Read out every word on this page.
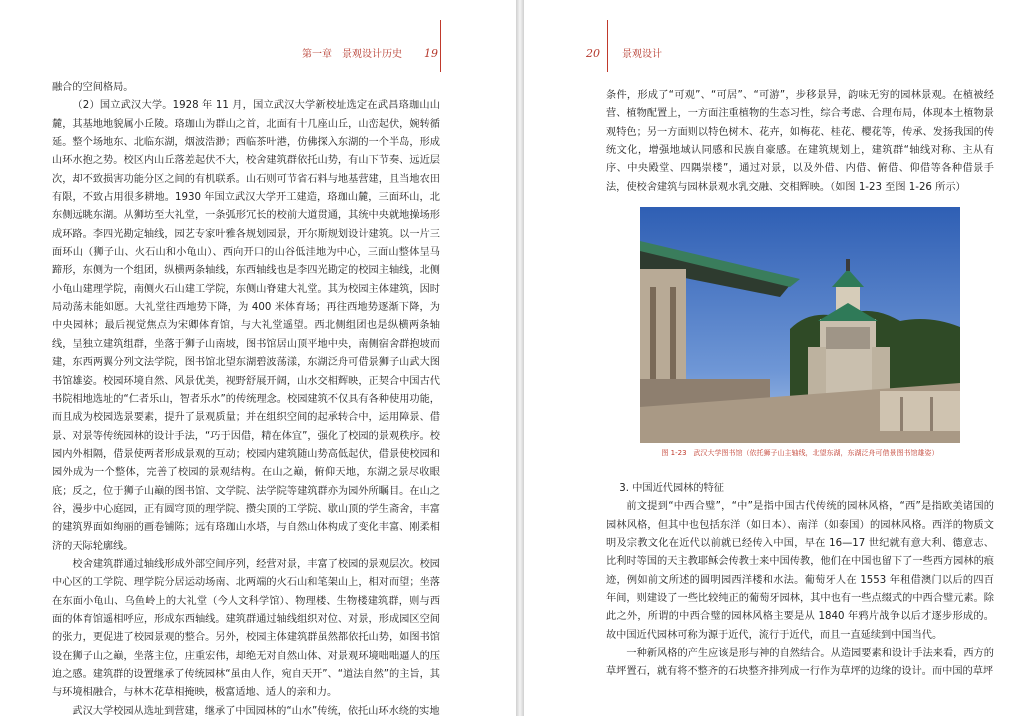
第一章　景观设计历史 19

融合的空间格局。

（2）国立武汉大学。1928 年 11 月，国立武汉大学新校址选定在武昌珞珈山山麓，其基地地貌属小丘陵。珞珈山为群山之首，北面有十几座山丘，山峦起伏，婉转循延。整个场地东、北临东湖，烟波浩渺；西临茶叶港，仿佛探入东湖的一个半岛，形成山环水抱之势。校区内山丘落差起伏不大，校舍建筑群依托山势，有山下节奏、远近层次，却不致损害功能分区之间的有机联系。山石则可节省石料与地基营建，且当地农田有限，不致占用很多耕地。1930 年国立武汉大学开工建造，珞珈山麓，三面环山，北东侧远眺东湖。从狮坊至大礼堂，一条弧形冗长的校前大道贯通，其统中央就地操场形成环路。李四光勘定轴线，园艺专家叶雅各规划园景，开尔斯规划设计建筑。以一片三面环山（狮子山、火石山和小龟山）、西向开口的山谷低洼地为中心，三面山整体呈马蹄形，东侧为一个组团，纵横两条轴线，东西轴线也是李四光勘定的校园主轴线，北侧小龟山建理学院，南侧火石山建工学院，东侧山脊建大礼堂。其为校园主体建筑，因时局动荡未能如愿。大礼堂往西地势下降，为 400 米体育场；再往西地势逐渐下降，为中央园林；最后视觉焦点为宋卿体育馆，与大礼堂遥望。西北侧组团也是纵横两条轴线，呈独立建筑组群，坐落于狮子山南坡，图书馆居山顶平地中央，南侧宿舍群抱坡而建，东西两翼分列文法学院，图书馆北望东湖碧波荡漾，东湖泛舟可借景狮子山武大图书馆雄姿。校园环境自然、风景优美，视野舒展开阔，山水交相辉映，正契合中国古代书院相地选址的“仁者乐山，智者乐水”的传统理念。校园建筑不仅具有各种使用功能，而且成为校园选景要素，提升了景观质量；并在组织空间的起承转合中，运用障景、借景、对景等传统园林的设计手法，“巧于因借，精在体宜”，强化了校园的景观秩序。校园内外相隔，借景使两者形成景观的互动；校园内建筑随山势高低起伏，借景使校园和园外成为一个整体，完善了校园的景观结构。在山之巅，俯仰天地，东湖之景尽收眼底；反之，位于狮子山巅的图书馆、文学院、法学院等建筑群亦为园外所瞩目。在山之谷，漫步中心庭园，正有圆穹顶的理学院、攒尖顶的工学院、歇山顶的学生斋舍，丰富的建筑界面如绚丽的画卷铺陈；远有珞珈山水塔，与自然山体构成了变化丰富、刚柔相济的天际轮廓线。

校舍建筑群通过轴线形成外部空间序列，经营对景，丰富了校园的景观层次。校园中心区的工学院、理学院分居运动场南、北两端的火石山和笔架山上，相对而望；坐落在东面小龟山、乌鱼岭上的大礼堂（今人文科学馆）、物理楼、生物楼建筑群，则与西面的体育馆遥相呼应，形成东西轴线。建筑群通过轴线组织对位、对景，形成园区空间的张力，更促进了校园景观的整合。另外，校园主体建筑群虽然都依托山势，如图书馆设在狮子山之巅，坐落主位，庄重宏伟，却绝无对自然山体、对景观环境咄咄逼人的压迫之感。建筑群的设置继承了传统园林“虽由人作，宛自天开”、“道法自然”的主旨，其与环境相融合，与林木花草相掩映，极富适地、适人的亲和力。

武汉大学校园从选址到营建，继承了中国园林的“山水”传统，依托山环水绕的实地

20 景观设计

条件，形成了“可观”、“可居”、“可游”，步移景异，韵味无穷的园林景观。在植被经营、植物配置上，一方面注重植物的生态习性，综合考虑、合理布局，体现本土植物景观特色；另一方面则以特色树木、花卉，如梅花、桂花、樱花等，传承、发扬我国的传统文化，增强地域认同感和民族自豪感。在建筑规划上，建筑群“轴线对称、主从有序、中央殿堂、四隅崇楼”，通过对景，以及外借、内借、俯借、仰借等各种借景手法，使校舍建筑与园林景观水乳交融、交相辉映。（如图 1-23 至图 1-26 所示）

图 1-23　武汉大学图书馆（依托狮子山主轴线，北望东湖，东湖泛舟可借景图书馆雄姿）

3. 中国近代园林的特征

前文提到“中西合璧”，“中”是指中国古代传统的园林风格，“西”是指欧美诸国的园林风格，但其中也包括东洋（如日本）、南洋（如泰国）的园林风格。西洋的物质文明及宗教文化在近代以前就已经传入中国，早在 16—17 世纪就有意大利、德意志、比利时等国的天主教耶稣会传教士来中国传教，他们在中国也留下了一些西方园林的痕迹，例如前文所述的圆明园西洋楼和水法。葡萄牙人在 1553 年租借澳门以后的四百年间，则建设了一些比较纯正的葡萄牙园林，其中也有一些点缀式的中西合璧元素。除此之外，所谓的中西合璧的园林风格主要是从 1840 年鸦片战争以后才逐步形成的。故中国近代园林可称为源于近代，流行于近代，而且一直延续到中国当代。

一种新风格的产生应该是形与神的自然结合。从造园要素和设计手法来看，西方的草坪置石，就有将不整齐的石块整齐排列成一行作为草坪的边缘的设计。而中国的草坪
